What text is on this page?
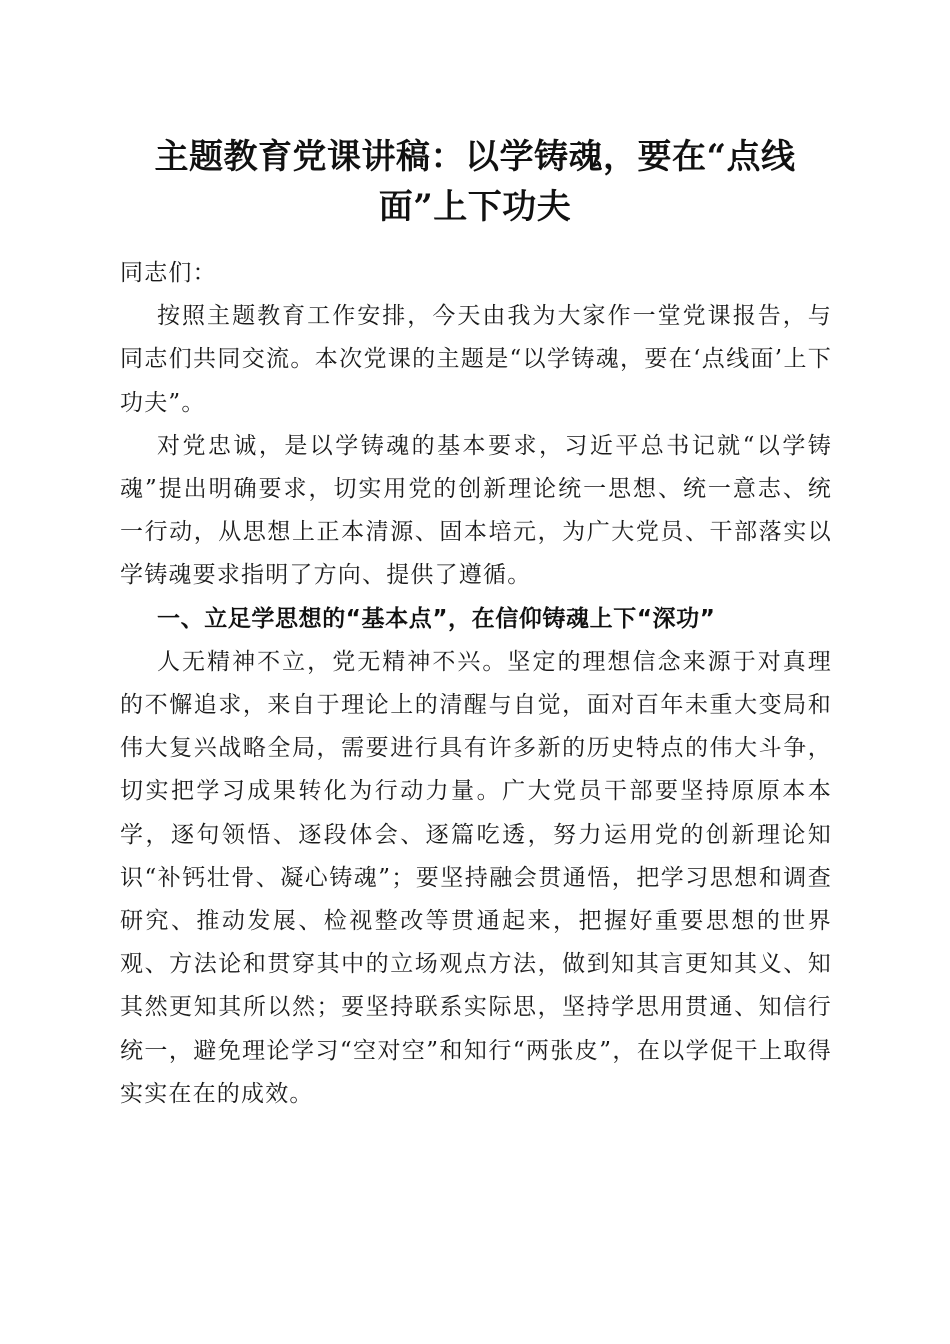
主题教育党课讲稿：以学铸魂，要在“点线
面”上下功夫

同志们：

按照主题教育工作安排，今天由我为大家作一堂党课报告，与同志们共同交流。本次党课的主题是“以学铸魂，要在‘点线面’上下功夫”。

对党忠诚，是以学铸魂的基本要求，习近平总书记就“以学铸魂”提出明确要求，切实用党的创新理论统一思想、统一意志、统一行动，从思想上正本清源、固本培元，为广大党员、干部落实以学铸魂要求指明了方向、提供了遵循。

一、立足学思想的“基本点”，在信仰铸魂上下“深功”

人无精神不立，党无精神不兴。坚定的理想信念来源于对真理的不懈追求，来自于理论上的清醒与自觉，面对百年未重大变局和伟大复兴战略全局，需要进行具有许多新的历史特点的伟大斗争，切实把学习成果转化为行动力量。广大党员干部要坚持原原本本学，逐句领悟、逐段体会、逐篇吃透，努力运用党的创新理论知识“补钙壮骨、凝心铸魂”；要坚持融会贯通悟，把学习思想和调查研究、推动发展、检视整改等贯通起来，把握好重要思想的世界观、方法论和贯穿其中的立场观点方法，做到知其言更知其义、知其然更知其所以然；要坚持联系实际思，坚持学思用贯通、知信行统一，避免理论学习“空对空”和知行“两张皮”，在以学促干上取得实实在在的成效。
